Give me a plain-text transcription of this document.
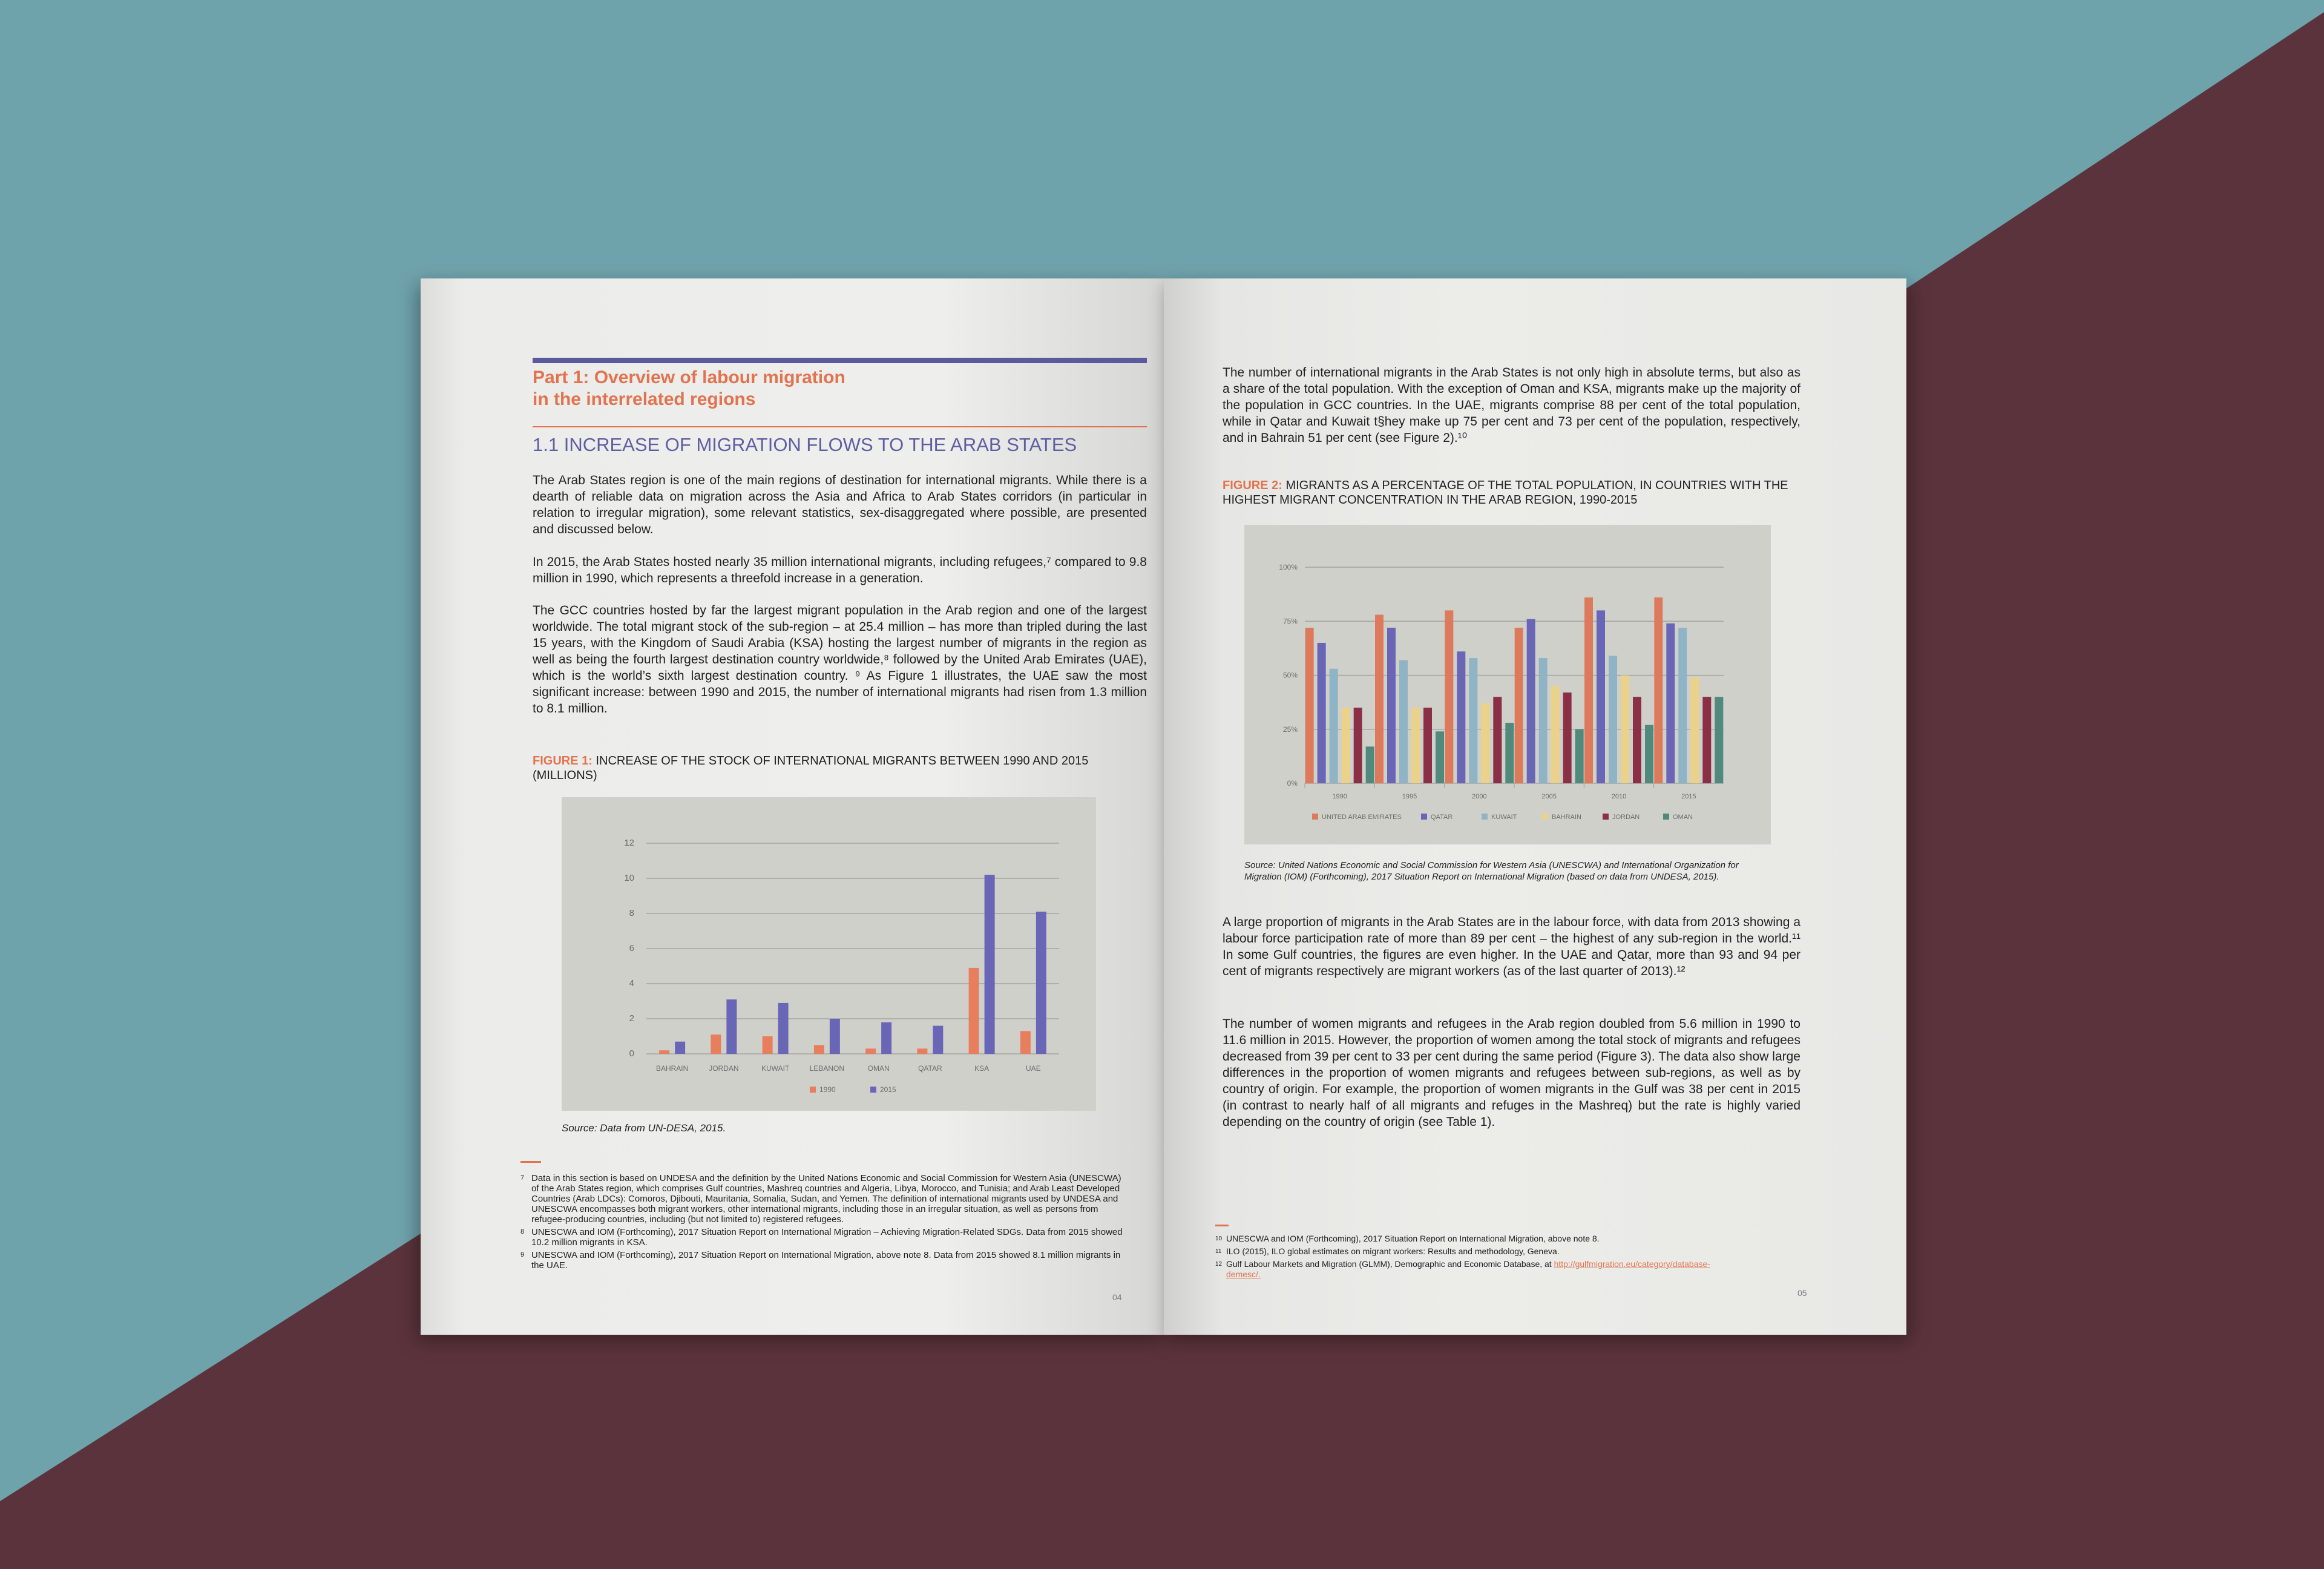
Part 1: Overview of labour migration
in the interrelated regions
1.1 INCREASE OF MIGRATION FLOWS TO THE ARAB STATES

The Arab States region is one of the main regions of destination for international migrants. While there is a dearth of reliable data on migration across the Asia and Africa to Arab States corridors (in particular in relation to irregular migration), some relevant statistics, sex-disaggregated where possible, are presented and discussed below.

In 2015, the Arab States hosted nearly 35 million international migrants, including refugees,⁷ compared to 9.8 million in 1990, which represents a threefold increase in a generation.

The GCC countries hosted by far the largest migrant population in the Arab region and one of the largest worldwide. The total migrant stock of the sub-region – at 25.4 million – has more than tripled during the last 15 years, with the Kingdom of Saudi Arabia (KSA) hosting the largest number of migrants in the region as well as being the fourth largest destination country worldwide,⁸ followed by the United Arab Emirates (UAE), which is the world’s sixth largest destination country. ⁹ As Figure 1 illustrates, the UAE saw the most significant increase: between 1990 and 2015, the number of international migrants had risen from 1.3 million to 8.1 million.

FIGURE 1: INCREASE OF THE STOCK OF INTERNATIONAL MIGRANTS BETWEEN 1990 AND 2015 (MILLIONS)
0
2
4
6
8
10
12
BAHRAIN	JORDAN	KUWAIT	LEBANON	OMAN	QATAR	KSA	UAE
1990	2015
Source: Data from UN-DESA, 2015.
7 Data in this section is based on UNDESA and the definition by the United Nations Economic and Social Commission for Western Asia (UNESCWA) of the Arab States region, which comprises Gulf countries, Mashreq countries and Algeria, Libya, Morocco, and Tunisia; and Arab Least Developed Countries (Arab LDCs): Comoros, Djibouti, Mauritania, Somalia, Sudan, and Yemen. The definition of international migrants used by UNDESA and UNESCWA encompasses both migrant workers, other international migrants, including those in an irregular situation, as well as persons from refugee-producing countries, including (but not limited to) registered refugees.
8 UNESCWA and IOM (Forthcoming), 2017 Situation Report on International Migration – Achieving Migration-Related SDGs. Data from 2015 showed 10.2 million migrants in KSA.
9 UNESCWA and IOM (Forthcoming), 2017 Situation Report on International Migration, above note 8. Data from 2015 showed 8.1 million migrants in the UAE.
04

The number of international migrants in the Arab States is not only high in absolute terms, but also as a share of the total population. With the exception of Oman and KSA, migrants make up the majority of the population in GCC countries. In the UAE, migrants comprise 88 per cent of the total population, while in Qatar and Kuwait t§hey make up 75 per cent and 73 per cent of the population, respectively, and in Bahrain 51 per cent (see Figure 2).¹⁰

FIGURE 2: MIGRANTS AS A PERCENTAGE OF THE TOTAL POPULATION, IN COUNTRIES WITH THE HIGHEST MIGRANT CONCENTRATION IN THE ARAB REGION, 1990-2015
0%
25%
50%
75%
100%
1990	1995	2000	2005	2010	2015
UNITED ARAB EMIRATES	QATAR	KUWAIT	BAHRAIN	JORDAN	OMAN
Source: United Nations Economic and Social Commission for Western Asia (UNESCWA) and International Organization for Migration (IOM) (Forthcoming), 2017 Situation Report on International Migration (based on data from UNDESA, 2015).

A large proportion of migrants in the Arab States are in the labour force, with data from 2013 showing a labour force participation rate of more than 89 per cent – the highest of any sub-region in the world.¹¹ In some Gulf countries, the figures are even higher. In the UAE and Qatar, more than 93 and 94 per cent of migrants respectively are migrant workers (as of the last quarter of 2013).¹²

The number of women migrants and refugees in the Arab region doubled from 5.6 million in 1990 to 11.6 million in 2015. However, the proportion of women among the total stock of migrants and refugees decreased from 39 per cent to 33 per cent during the same period (Figure 3). The data also show large differences in the proportion of women migrants and refugees between sub-regions, as well as by country of origin. For example, the proportion of women migrants in the Gulf was 38 per cent in 2015 (in contrast to nearly half of all migrants and refuges in the Mashreq) but the rate is highly varied depending on the country of origin (see Table 1).

10 UNESCWA and IOM (Forthcoming), 2017 Situation Report on International Migration, above note 8.
11 ILO (2015), ILO global estimates on migrant workers: Results and methodology, Geneva.
12 Gulf Labour Markets and Migration (GLMM), Demographic and Economic Database, at http://gulfmigration.eu/category/database-
demesc/.
05
